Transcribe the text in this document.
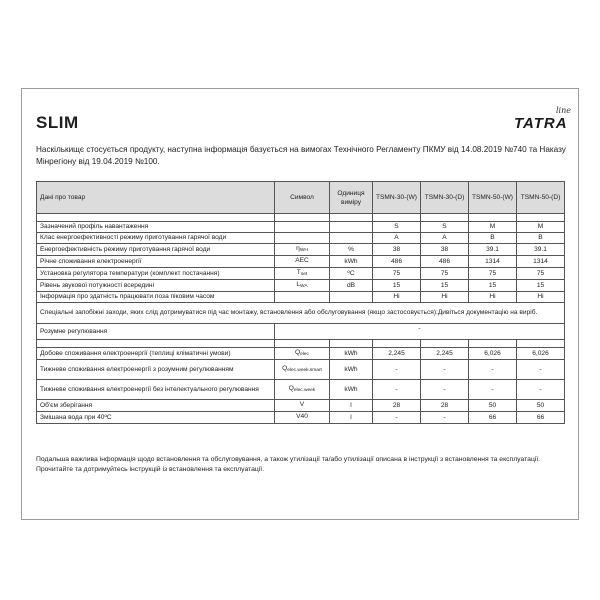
SLIM
line
TATRA
Наскількищє стосується продукту, наступна інформація базується на вимогах Технічного Регламенту ПКМУ від 14.08.2019 №740 та Наказу Мінрегіону від 19.04.2019 №100.
Дані про товар	Символ	Одиниця виміру	TSMN-30-(W)	TSMN-30-(D)	TSMN-50-(W)	TSMN-50-(D)

Зазначений профіль навантаження			S	S	M	M
Клас енергоефективності режиму приготування гарячої води			A	A	B	B
Енергоефективність режиму приготування гарячої води	ηWH	%	38	38	39.1	39.1
Річне споживання електроенергії	AEC	kWh	486	486	1314	1314
Установка регулятора температури (комплект постачання)	Tset	ºC	75	75	75	75
Рівень звукової потужності всередині	LWA	dB	15	15	15	15
Інформація про здатність працювати поза піковим часом			Hi	Hi	Hi	Hi
Спеціальні запобіжні заходи, яких слід дотримуватися під час монтажу, встановлення або обслуговування (якщо застосовується):Дивіться документацію на виріб.						
Розумне регулювання	-					

Добове споживання електроенергії (теплиці кліматичні умови)	Qelec	kWh	2,245	2,245	6,026	6,026
Тижневе споживання електроенергії з розумним регулюванням	Qelec.week.smart	kWh	-	-	-	-
Тижневе споживання електроенергії без інтелектуального регулювання	Qelec.week	kWh	-	-	-	-
Об'єм зберігання	V	l	28	28	50	50
Змішана вода при 40ºC	V40	l	-	-	66	66
Подальша важлива інформація щодо встановлення та обслуговування, а також утилізації та/або утилізації описана в інструкції з встановлення та експлуатації. Прочитайте та дотримуйтесь інструкцій із встановлення та експлуатації.
